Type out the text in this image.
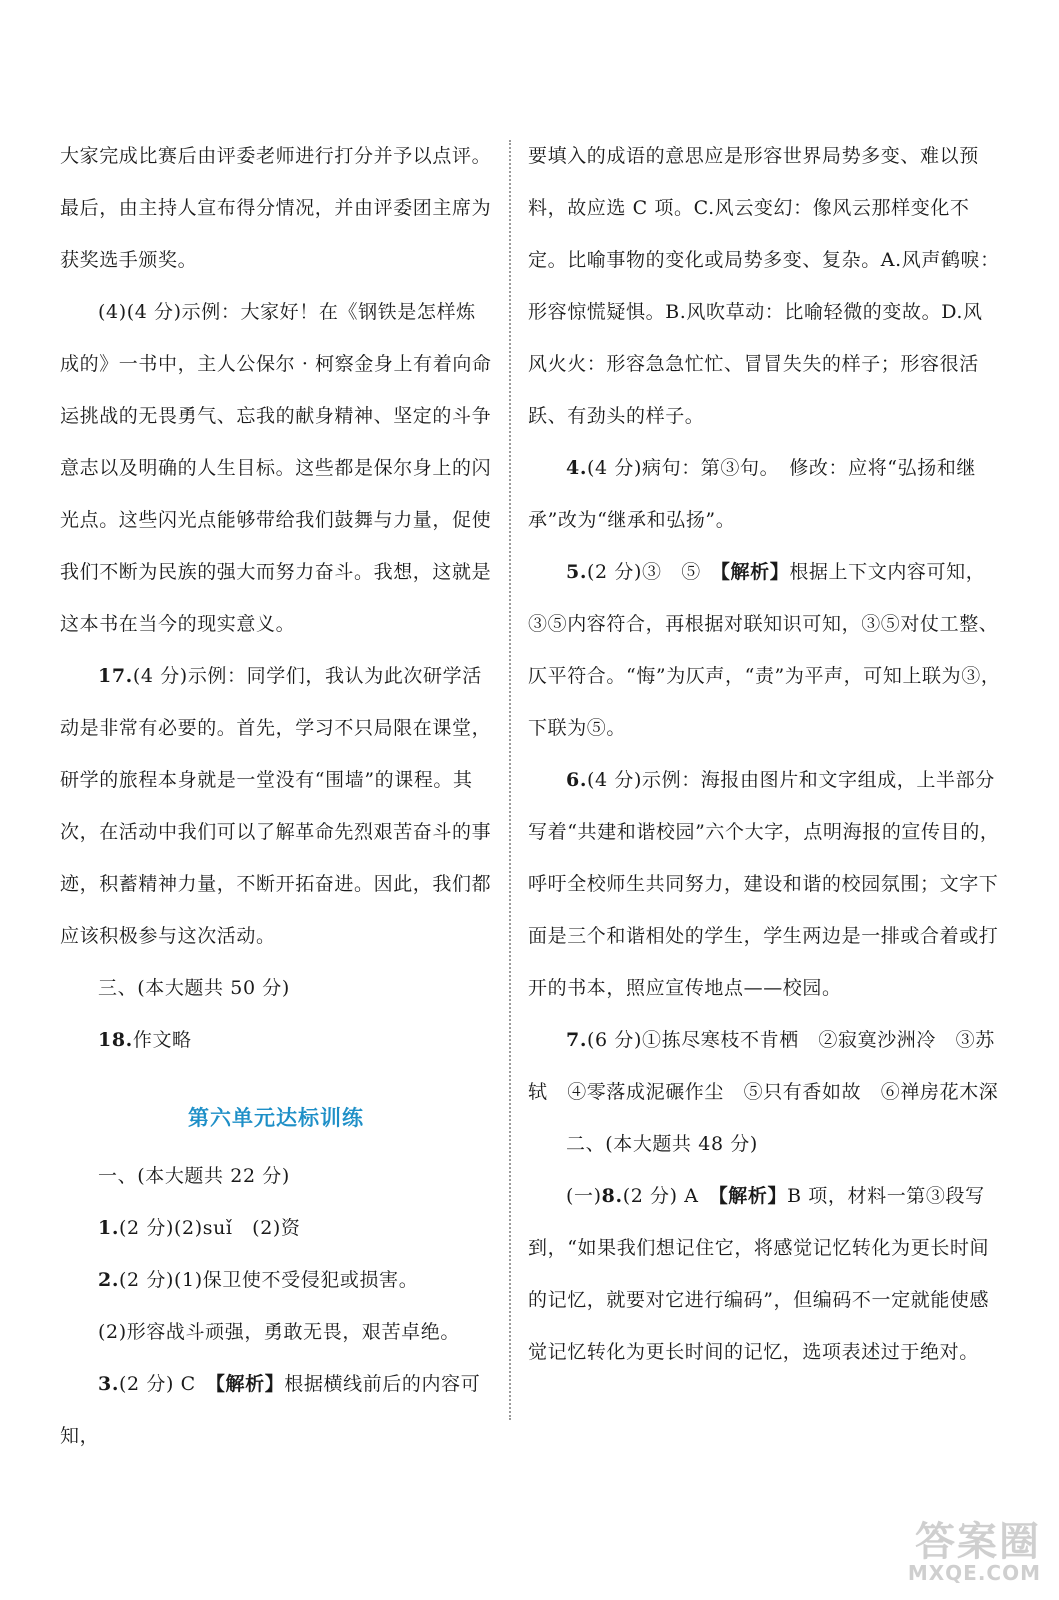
大家完成比赛后由评委老师进行打分并予以点评。最后，由主持人宣布得分情况，并由评委团主席为获奖选手颁奖。

(4)(4 分)示例：大家好！在《钢铁是怎样炼成的》一书中，主人公保尔 · 柯察金身上有着向命运挑战的无畏勇气、忘我的献身精神、坚定的斗争意志以及明确的人生目标。这些都是保尔身上的闪光点。这些闪光点能够带给我们鼓舞与力量，促使我们不断为民族的强大而努力奋斗。我想，这就是这本书在当今的现实意义。

17.(4 分)示例：同学们，我认为此次研学活动是非常有必要的。首先，学习不只局限在课堂，研学的旅程本身就是一堂没有“围墙”的课程。其次，在活动中我们可以了解革命先烈艰苦奋斗的事迹，积蓄精神力量，不断开拓奋进。因此，我们都应该积极参与这次活动。

三、(本大题共 50 分)

18.作文略

第六单元达标训练

一、(本大题共 22 分)

1.(2 分)(2)suǐ　(2)资

2.(2 分)(1)保卫使不受侵犯或损害。

(2)形容战斗顽强，勇敢无畏，艰苦卓绝。

3.(2 分) C　【解析】根据横线前后的内容可知，

要填入的成语的意思应是形容世界局势多变、难以预料，故应选 C 项。C.风云变幻：像风云那样变化不定。比喻事物的变化或局势多变、复杂。A.风声鹤唳：形容惊慌疑惧。B.风吹草动：比喻轻微的变故。D.风风火火：形容急急忙忙、冒冒失失的样子；形容很活跃、有劲头的样子。

4.(4 分)病句：第③句。　修改：应将“弘扬和继承”改为“继承和弘扬”。

5.(2 分)③　⑤　【解析】根据上下文内容可知，③⑤内容符合，再根据对联知识可知，③⑤对仗工整、仄平符合。“悔”为仄声，“责”为平声，可知上联为③，下联为⑤。

6.(4 分)示例：海报由图片和文字组成，上半部分写着“共建和谐校园”六个大字，点明海报的宣传目的，呼吁全校师生共同努力，建设和谐的校园氛围；文字下面是三个和谐相处的学生，学生两边是一排或合着或打开的书本，照应宣传地点——校园。

7.(6 分)①拣尽寒枝不肯栖　②寂寞沙洲冷　③苏轼　④零落成泥碾作尘　⑤只有香如故　⑥禅房花木深

二、(本大题共 48 分)

(一)8.(2 分) A　【解析】B 项，材料一第③段写到，“如果我们想记住它，将感觉记忆转化为更长时间的记忆，就要对它进行编码”，但编码不一定就能使感觉记忆转化为更长时间的记忆，选项表述过于绝对。

答案圈
MXQE.COM
